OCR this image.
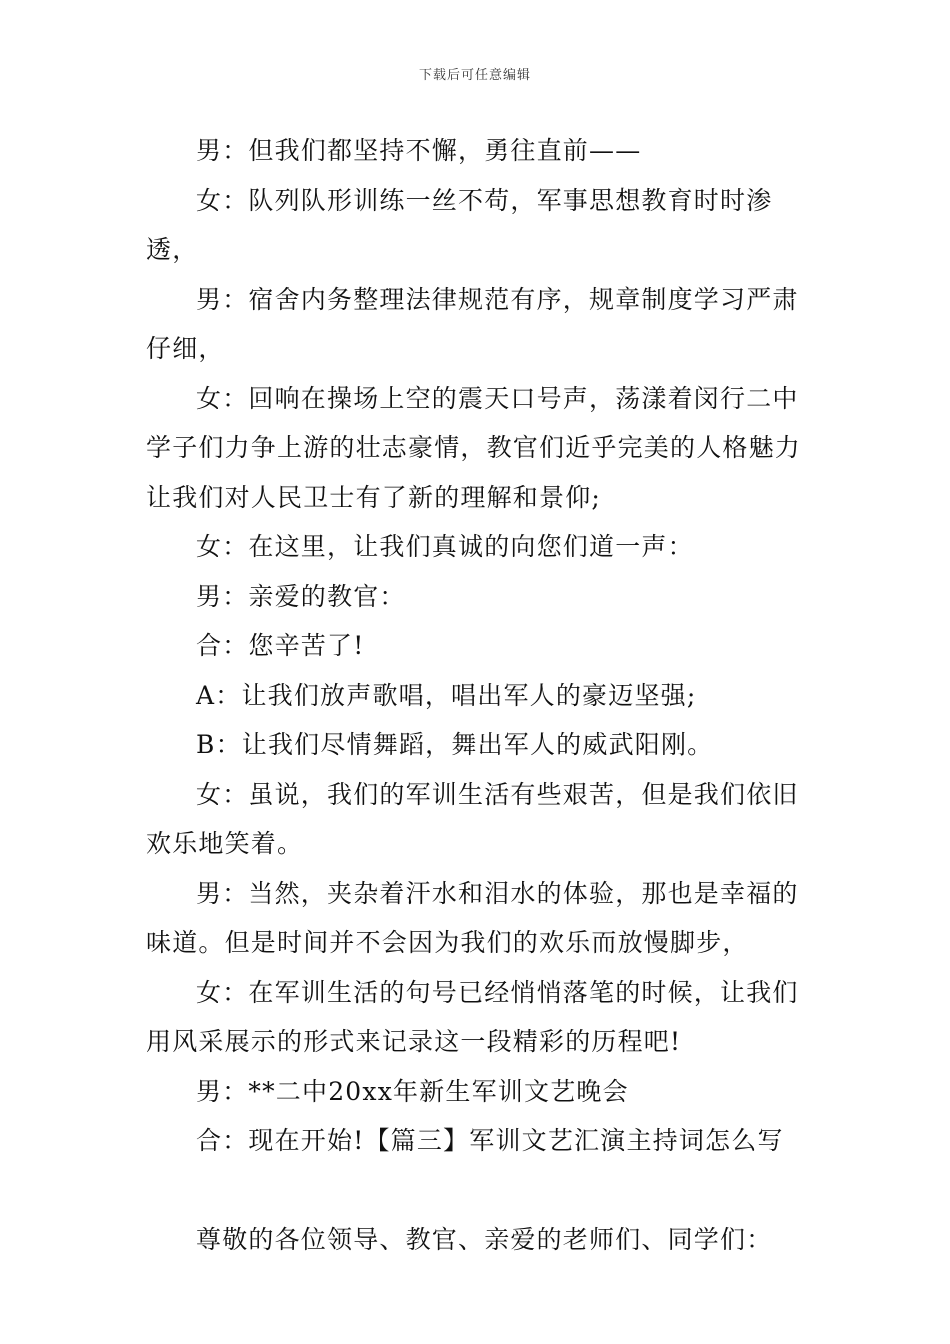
下载后可任意编辑

男：但我们都坚持不懈，勇往直前——

女：队列队形训练一丝不苟，军事思想教育时时渗透，

男：宿舍内务整理法律规范有序，规章制度学习严肃仔细，

女：回响在操场上空的震天口号声，荡漾着闵行二中学子们力争上游的壮志豪情，教官们近乎完美的人格魅力让我们对人民卫士有了新的理解和景仰;

女：在这里，让我们真诚的向您们道一声：

男：亲爱的教官：

合：您辛苦了!

A：让我们放声歌唱，唱出军人的豪迈坚强;

B：让我们尽情舞蹈，舞出军人的威武阳刚。

女：虽说，我们的军训生活有些艰苦，但是我们依旧欢乐地笑着。

男：当然，夹杂着汗水和泪水的体验，那也是幸福的味道。但是时间并不会因为我们的欢乐而放慢脚步，

女：在军训生活的句号已经悄悄落笔的时候，让我们用风采展示的形式来记录这一段精彩的历程吧!

男：**二中20xx年新生军训文艺晚会

合：现在开始!【篇三】军训文艺汇演主持词怎么写

尊敬的各位领导、教官、亲爱的老师们、同学们：
